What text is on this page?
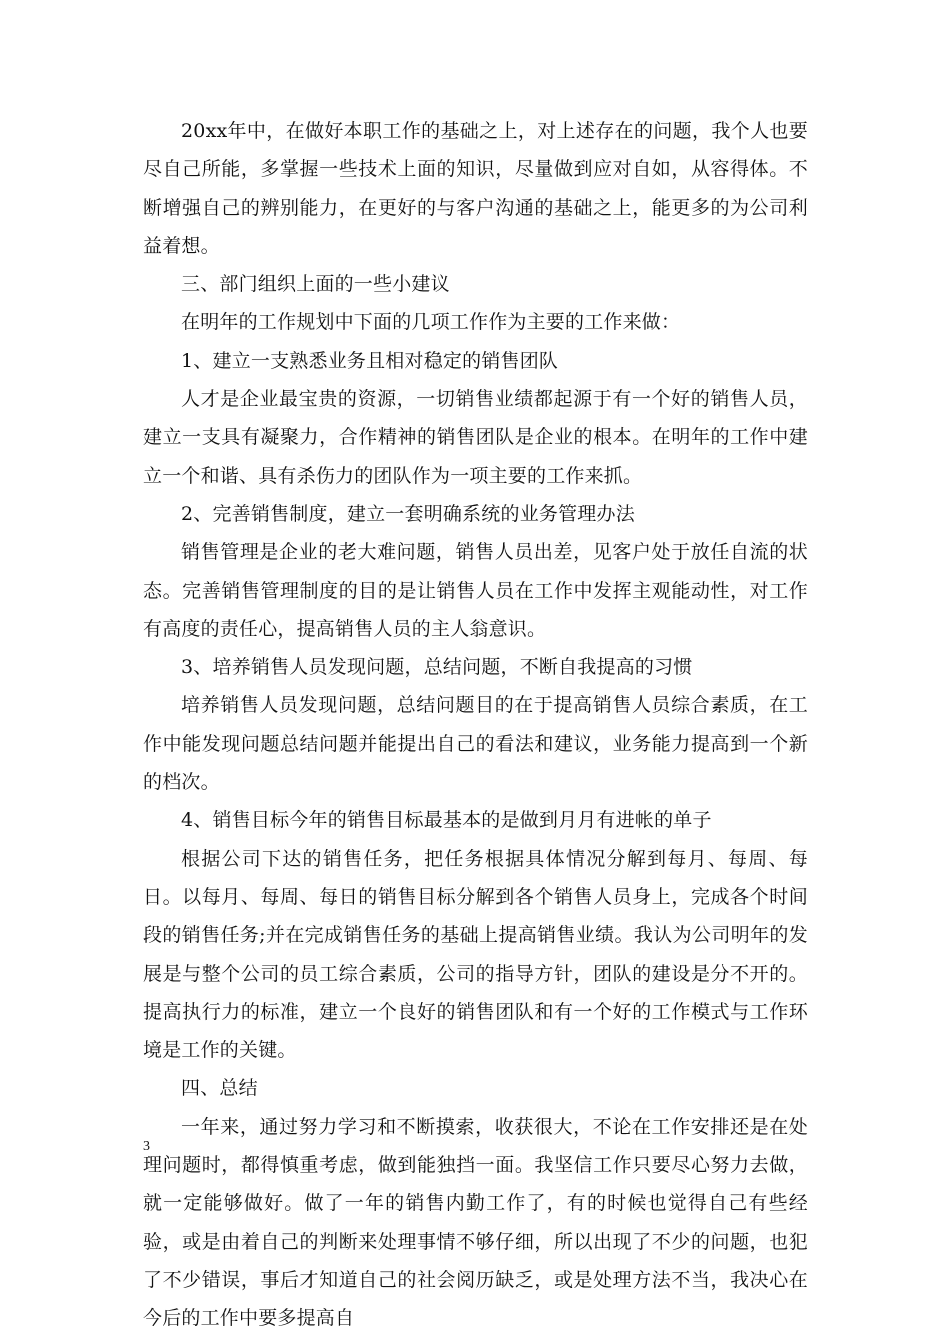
20xx年中，在做好本职工作的基础之上，对上述存在的问题，我个人也要尽自己所能，多掌握一些技术上面的知识，尽量做到应对自如，从容得体。不断增强自己的辨别能力，在更好的与客户沟通的基础之上，能更多的为公司利益着想。

三、部门组织上面的一些小建议

在明年的工作规划中下面的几项工作作为主要的工作来做：

1、建立一支熟悉业务且相对稳定的销售团队

人才是企业最宝贵的资源，一切销售业绩都起源于有一个好的销售人员，建立一支具有凝聚力，合作精神的销售团队是企业的根本。在明年的工作中建立一个和谐、具有杀伤力的团队作为一项主要的工作来抓。

2、完善销售制度，建立一套明确系统的业务管理办法

销售管理是企业的老大难问题，销售人员出差，见客户处于放任自流的状态。完善销售管理制度的目的是让销售人员在工作中发挥主观能动性，对工作有高度的责任心，提高销售人员的主人翁意识。

3、培养销售人员发现问题，总结问题，不断自我提高的习惯

培养销售人员发现问题，总结问题目的在于提高销售人员综合素质，在工作中能发现问题总结问题并能提出自己的看法和建议，业务能力提高到一个新的档次。

4、销售目标今年的销售目标最基本的是做到月月有进帐的单子

根据公司下达的销售任务，把任务根据具体情况分解到每月、每周、每日。以每月、每周、每日的销售目标分解到各个销售人员身上，完成各个时间段的销售任务;并在完成销售任务的基础上提高销售业绩。我认为公司明年的发展是与整个公司的员工综合素质，公司的指导方针，团队的建设是分不开的。提高执行力的标准，建立一个良好的销售团队和有一个好的工作模式与工作环境是工作的关键。

四、总结

一年来，通过努力学习和不断摸索，收获很大，不论在工作安排还是在处理问题时，都得慎重考虑，做到能独挡一面。我坚信工作只要尽心努力去做，就一定能够做好。做了一年的销售内勤工作了，有的时候也觉得自己有些经验，或是由着自己的判断来处理事情不够仔细，所以出现了不少的问题，也犯了不少错误，事后才知道自己的社会阅历缺乏，或是处理方法不当，我决心在今后的工作中要多提高自

3
